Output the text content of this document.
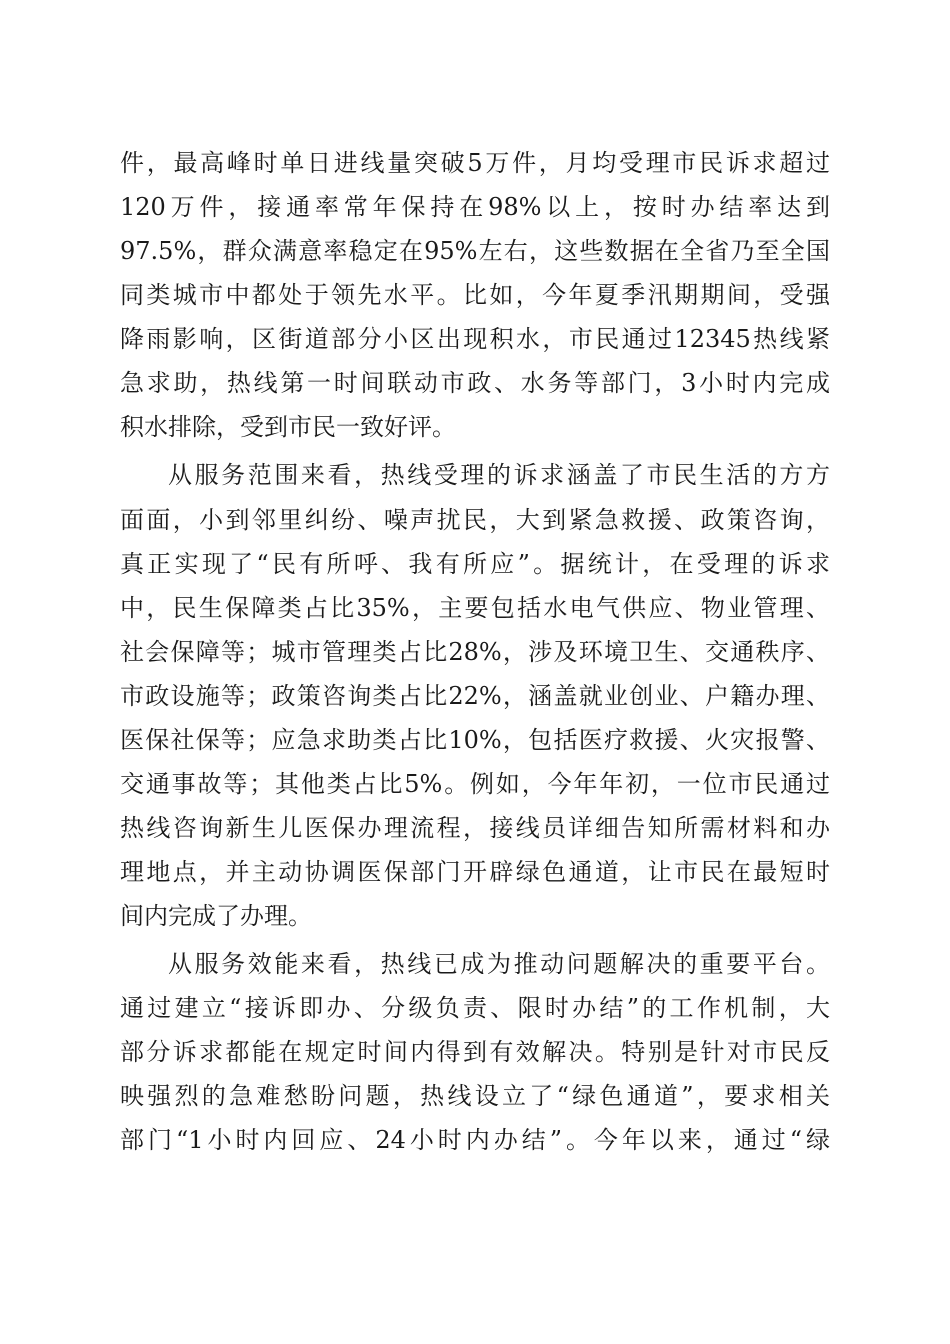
件，最高峰时单日进线量突破5万件，月均受理市民诉求超过

120万件，接通率常年保持在98%以上，按时办结率达到

97.5%，群众满意率稳定在95%左右，这些数据在全省乃至全国

同类城市中都处于领先水平。比如，今年夏季汛期期间，受强

降雨影响，区街道部分小区出现积水，市民通过12345热线紧

急求助，热线第一时间联动市政、水务等部门，3小时内完成

积水排除，受到市民一致好评。

从服务范围来看，热线受理的诉求涵盖了市民生活的方方

面面，小到邻里纠纷、噪声扰民，大到紧急救援、政策咨询，

真正实现了“民有所呼、我有所应”。据统计，在受理的诉求

中，民生保障类占比35%，主要包括水电气供应、物业管理、

社会保障等；城市管理类占比28%，涉及环境卫生、交通秩序、

市政设施等；政策咨询类占比22%，涵盖就业创业、户籍办理、

医保社保等；应急求助类占比10%，包括医疗救援、火灾报警、

交通事故等；其他类占比5%。例如，今年年初，一位市民通过

热线咨询新生儿医保办理流程，接线员详细告知所需材料和办

理地点，并主动协调医保部门开辟绿色通道，让市民在最短时

间内完成了办理。

从服务效能来看，热线已成为推动问题解决的重要平台。

通过建立“接诉即办、分级负责、限时办结”的工作机制，大

部分诉求都能在规定时间内得到有效解决。特别是针对市民反

映强烈的急难愁盼问题，热线设立了“绿色通道”，要求相关

部门“1小时内回应、24小时内办结”。今年以来，通过“绿
